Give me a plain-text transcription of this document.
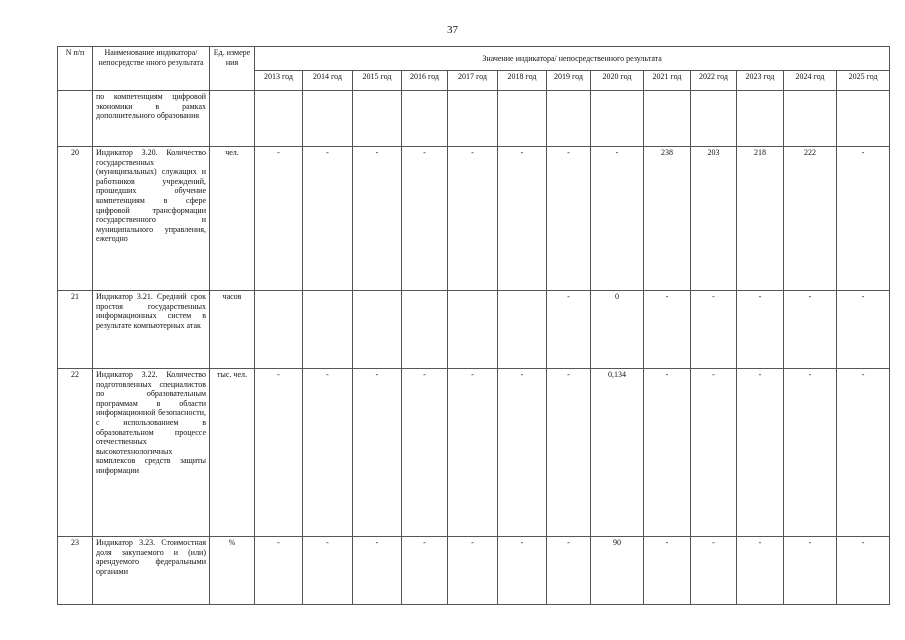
37
N п/п	Наименование индикатора/непосредстве нного результата	Ед. измере ния	Значение индикатора/ непосредственного результата												
			2013 год	2014 год	2015 год	2016 год	2017 год	2018 год	2019 год	2020 год	2021 год	2022 год	2023 год	2024 год	2025 год
	по компетенциям цифровой экономики в рамках дополнительного образования														
20	Индикатор 3.20. Количество государственных (муниципальных) служащих и работников учреждений, прошедших обучение компетенциям в сфере цифровой трансформации государственного и муниципального управления, ежегодно	чел.	-	-	-	-	-	-	-	-	238	203	218	222	-
21	Индикатор 3.21. Средний срок простоя государственных информационных систем в результате компьютерных атак	часов							-	0	-	-	-	-	-
22	Индикатор 3.22. Количество подготовленных специалистов по образовательным программам в области информационной безопасности, с использованием в образовательном процессе отечественных высокотехнологичных комплексов средств защиты информации	тыс. чел.	-	-	-	-	-	-	-	0,134	-	-	-	-	-
23	Индикатор 3.23. Стоимостная доля закупаемого и (или) арендуемого федеральными органами	%	-	-	-	-	-	-	-	90	-	-	-	-	-
